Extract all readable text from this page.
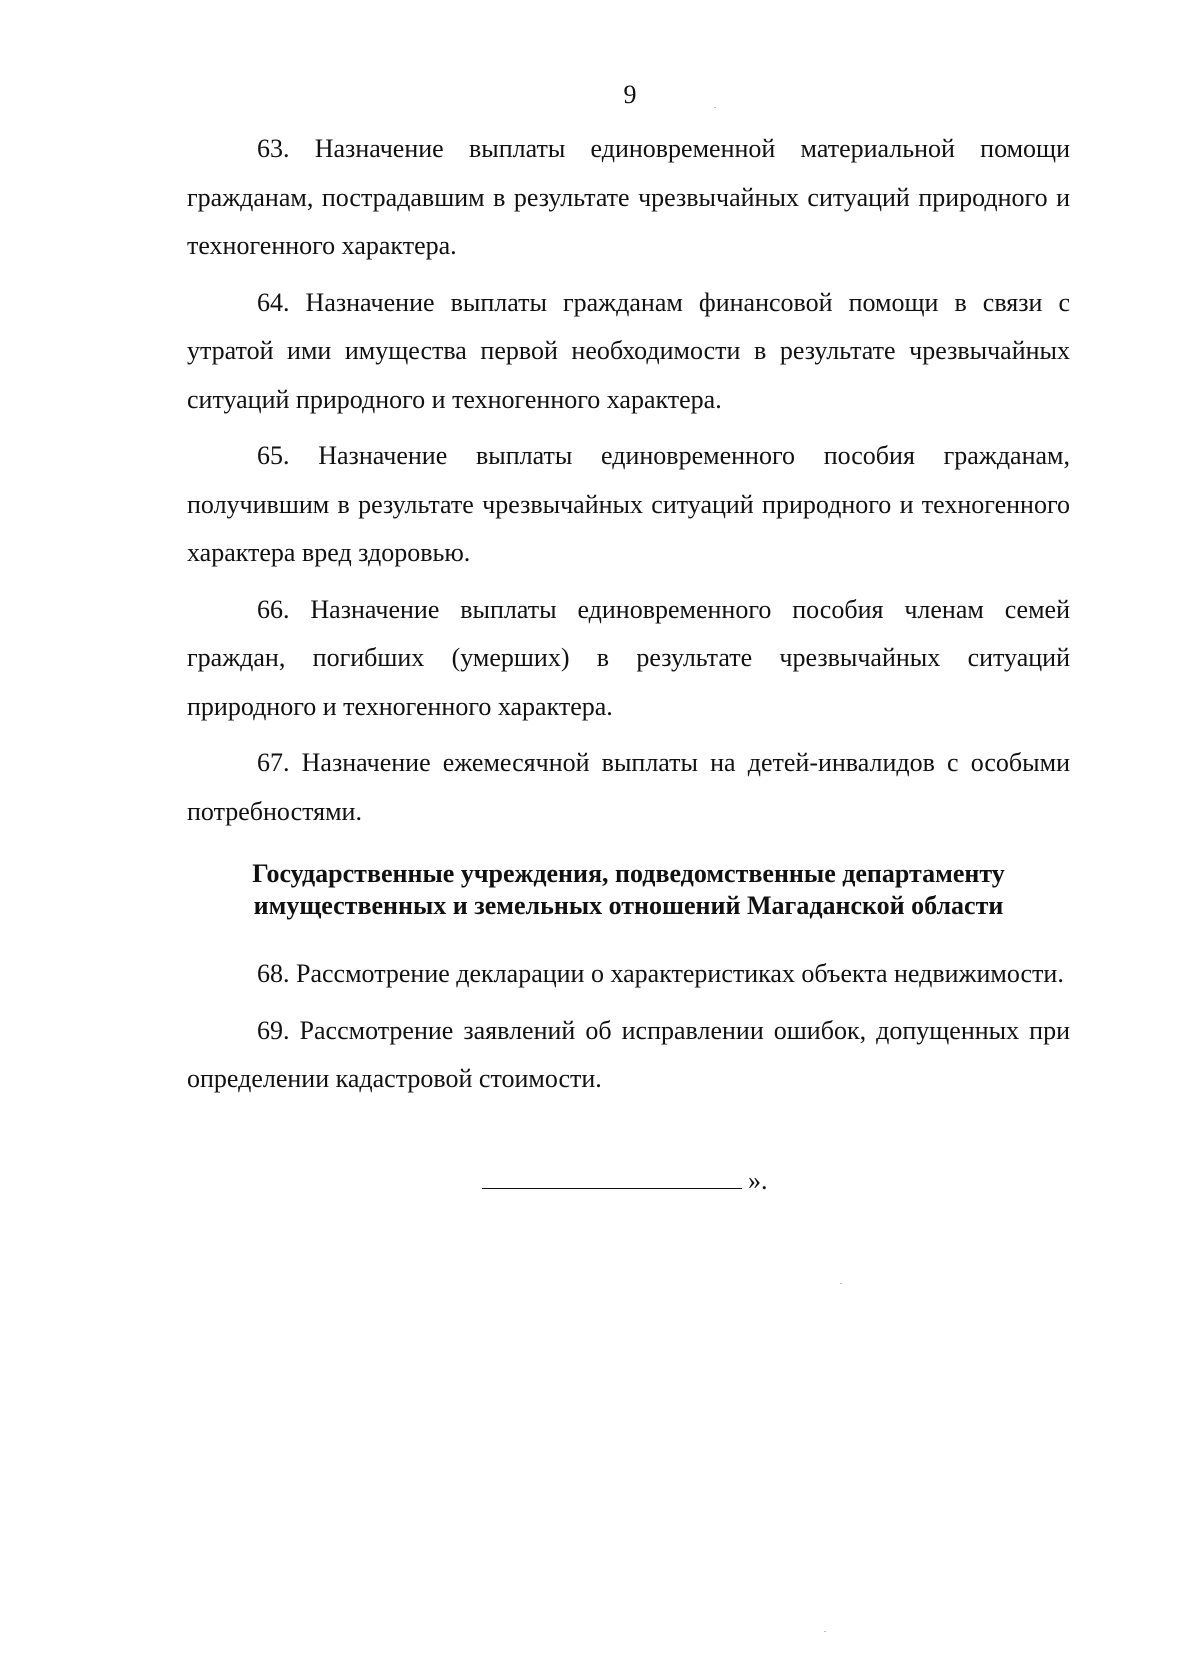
9

63. Назначение выплаты единовременной материальной помощи гражданам, пострадавшим в результате чрезвычайных ситуаций природного и техногенного характера.

64. Назначение выплаты гражданам финансовой помощи в связи с утратой ими имущества первой необходимости в результате чрезвычайных ситуаций природного и техногенного характера.

65. Назначение выплаты единовременного пособия гражданам, получившим в результате чрезвычайных ситуаций природного и техногенного характера вред здоровью.

66. Назначение выплаты единовременного пособия членам семей граждан, погибших (умерших) в результате чрезвычайных ситуаций природного и техногенного характера.

67. Назначение ежемесячной выплаты на детей-инвалидов с особыми потребностями.

Государственные учреждения, подведомственные департаменту
имущественных и земельных отношений Магаданской области

68. Рассмотрение декларации о характеристиках объекта недвижимости.

69. Рассмотрение заявлений об исправлении ошибок, допущенных при определении кадастровой стоимости.

».
